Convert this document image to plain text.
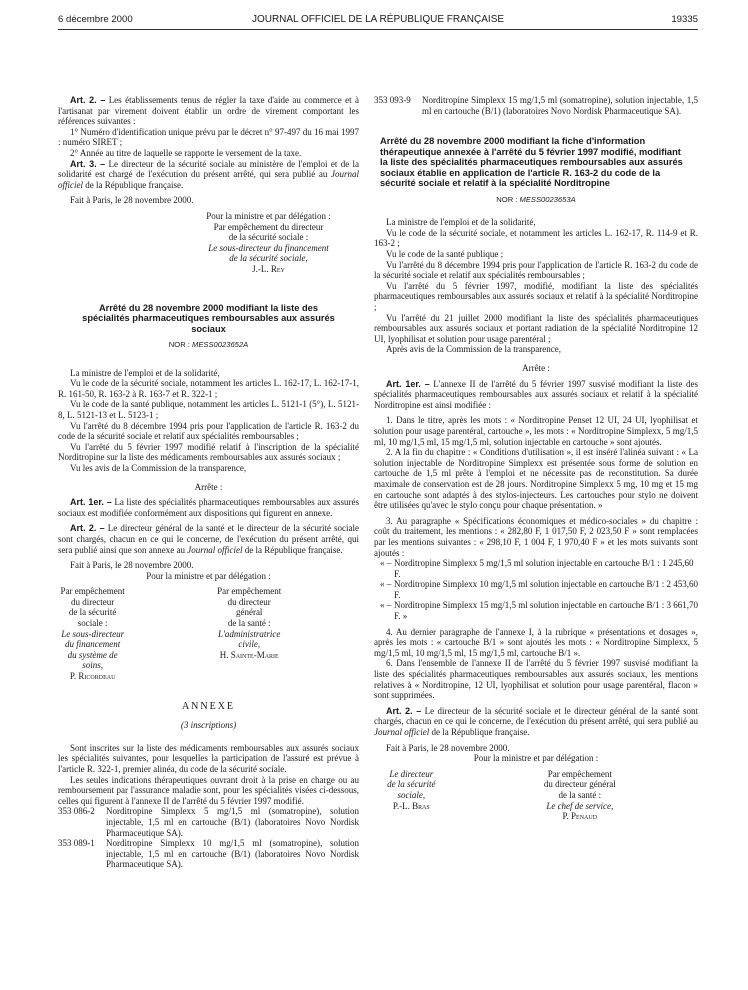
6 décembre 2000	JOURNAL OFFICIEL DE LA RÉPUBLIQUE FRANÇAISE	19335

Art. 2. – Les établissements tenus de régler la taxe d'aide au commerce et à l'artisanat par virement doivent établir un ordre de virement comportant les références suivantes :

1° Numéro d'identification unique prévu par le décret n° 97-497 du 16 mai 1997 : numéro SIRET ;

2° Année au titre de laquelle se rapporte le versement de la taxe.

Art. 3. – Le directeur de la sécurité sociale au ministère de l'emploi et de la solidarité est chargé de l'exécution du présent arrêté, qui sera publié au Journal officiel de la République française.

Fait à Paris, le 28 novembre 2000.

Pour la ministre et par délégation :
Par empêchement du directeur
de la sécurité sociale :
Le sous-directeur du financement
de la sécurité sociale,
J.-L. Rey
Arrêté du 28 novembre 2000 modifiant la liste des spécialités pharmaceutiques remboursables aux assurés sociaux
NOR : MESS0023652A

La ministre de l'emploi et de la solidarité,

Vu le code de la sécurité sociale, notamment les articles L. 162-17, L. 162-17-1, R. 161-50, R. 163-2 à R. 163-7 et R. 322-1 ;

Vu le code de la santé publique, notamment les articles L. 5121-1 (5°), L. 5121-8, L. 5121-13 et L. 5123-1 ;

Vu l'arrêté du 8 décembre 1994 pris pour l'application de l'article R. 163-2 du code de la sécurité sociale et relatif aux spécialités remboursables ;

Vu l'arrêté du 5 février 1997 modifié relatif à l'inscription de la spécialité Norditropine sur la liste des médicaments remboursables aux assurés sociaux ;

Vu les avis de la Commission de la transparence,

Arrête :

Art. 1er. – La liste des spécialités pharmaceutiques remboursables aux assurés sociaux est modifiée conformément aux dispositions qui figurent en annexe.

Art. 2. – Le directeur général de la santé et le directeur de la sécurité sociale sont chargés, chacun en ce qui le concerne, de l'exécution du présent arrêté, qui sera publié ainsi que son annexe au Journal officiel de la République française.

Fait à Paris, le 28 novembre 2000.

Pour la ministre et par délégation :

Par empêchement
du directeur
de la sécurité sociale :
Le sous-directeur du financement
du système de soins,
P. Ricordeau
Par empêchement
du directeur général
de la santé :
L'administratrice civile,
H. Sainte-Marie
ANNEXE
(3 inscriptions)

Sont inscrites sur la liste des médicaments remboursables aux assurés sociaux les spécialités suivantes, pour lesquelles la participation de l'assuré est prévue à l'article R. 322-1, premier alinéa, du code de la sécurité sociale.

Les seules indications thérapeutiques ouvrant droit à la prise en charge ou au remboursement par l'assurance maladie sont, pour les spécialités visées ci-dessous, celles qui figurent à l'annexe II de l'arrêté du 5 février 1997 modifié.

353 086-2	Norditropine Simplexx 5 mg/1,5 ml (somatropine), solution injectable, 1,5 ml en cartouche (B/1) (laboratoires Novo Nordisk Pharmaceutique SA).
353 089-1	Norditropine Simplexx 10 mg/1,5 ml (somatropine), solution injectable, 1,5 ml en cartouche (B/1) (laboratoires Novo Nordisk Pharmaceutique SA).
353 093-9	Norditropine Simplexx 15 mg/1,5 ml (somatropine), solution injectable, 1,5 ml en cartouche (B/1) (laboratoires Novo Nordisk Pharmaceutique SA).
Arrêté du 28 novembre 2000 modifiant la fiche d'information thérapeutique annexée à l'arrêté du 5 février 1997 modifié, modifiant la liste des spécialités pharmaceutiques remboursables aux assurés sociaux établie en application de l'article R. 163-2 du code de la sécurité sociale et relatif à la spécialité Norditropine
NOR : MESS0023653A

La ministre de l'emploi et de la solidarité,

Vu le code de la sécurité sociale, et notamment les articles L. 162-17, R. 114-9 et R. 163-2 ;

Vu le code de la santé publique ;

Vu l'arrêté du 8 décembre 1994 pris pour l'application de l'article R. 163-2 du code de la sécurité sociale et relatif aux spécialités remboursables ;

Vu l'arrêté du 5 février 1997, modifié, modifiant la liste des spécialités pharmaceutiques remboursables aux assurés sociaux et relatif à la spécialité Norditropine ;

Vu l'arrêté du 21 juillet 2000 modifiant la liste des spécialités pharmaceutiques remboursables aux assurés sociaux et portant radiation de la spécialité Norditropine 12 UI, lyophilisat et solution pour usage parentéral ;

Après avis de la Commission de la transparence,

Arrête :

Art. 1er. – L'annexe II de l'arrêté du 5 février 1997 susvisé modifiant la liste des spécialités pharmaceutiques remboursables aux assurés sociaux et relatif à la spécialité Norditropine est ainsi modifiée :

1. Dans le titre, après les mots : « Norditropine Penset 12 UI, 24 UI, lyophilisat et solution pour usage parentéral, cartouche », les mots : « Norditropine Simplexx, 5 mg/1,5 ml, 10 mg/1,5 ml, 15 mg/1,5 ml, solution injectable en cartouche » sont ajoutés.

2. A la fin du chapitre : « Conditions d'utilisation », il est inséré l'alinéa suivant : « La solution injectable de Norditropine Simplexx est présentée sous forme de solution en cartouche de 1,5 ml prête à l'emploi et ne nécessite pas de reconstitution. Sa durée maximale de conservation est de 28 jours. Norditropine Simplexx 5 mg, 10 mg et 15 mg en cartouche sont adaptés à des stylos-injecteurs. Les cartouches pour stylo ne doivent être utilisées qu'avec le stylo conçu pour chaque présentation. »

3. Au paragraphe « Spécifications économiques et médico-sociales » du chapitre : coût du traitement, les mentions : « 282,80 F, 1 017,50 F, 2 023,50 F » sont remplacées par les mentions suivantes : « 298,10 F, 1 004 F, 1 970,40 F » et les mots suivants sont ajoutés :

« – Norditropine Simplexx 5 mg/1,5 ml solution injectable en cartouche B/1 : 1 245,60 F.
« – Norditropine Simplexx 10 mg/1,5 ml solution injectable en cartouche B/1 : 2 453,60 F.
« – Norditropine Simplexx 15 mg/1,5 ml solution injectable en cartouche B/1 : 3 661,70 F. »

4. Au dernier paragraphe de l'annexe I, à la rubrique « présentations et dosages », après les mots : « cartouche B/1 » sont ajoutés les mots : « Norditropine Simplexx, 5 mg/1,5 ml, 10 mg/1,5 ml, 15 mg/1,5 ml, cartouche B/1 ».

6. Dans l'ensemble de l'annexe II de l'arrêté du 5 février 1997 susvisé modifiant la liste des spécialités pharmaceutiques remboursables aux assurés sociaux, les mentions relatives à « Norditropine, 12 UI, lyophilisat et solution pour usage parentéral, flacon » sont supprimées.

Art. 2. – Le directeur de la sécurité sociale et le directeur général de la santé sont chargés, chacun en ce qui le concerne, de l'exécution du présent arrêté, qui sera publié au Journal officiel de la République française.

Fait à Paris, le 28 novembre 2000.

Pour la ministre et par délégation :

Le directeur
de la sécurité sociale,
P.-L. Bras
Par empêchement
du directeur général
de la santé :
Le chef de service,
P. Penaud
